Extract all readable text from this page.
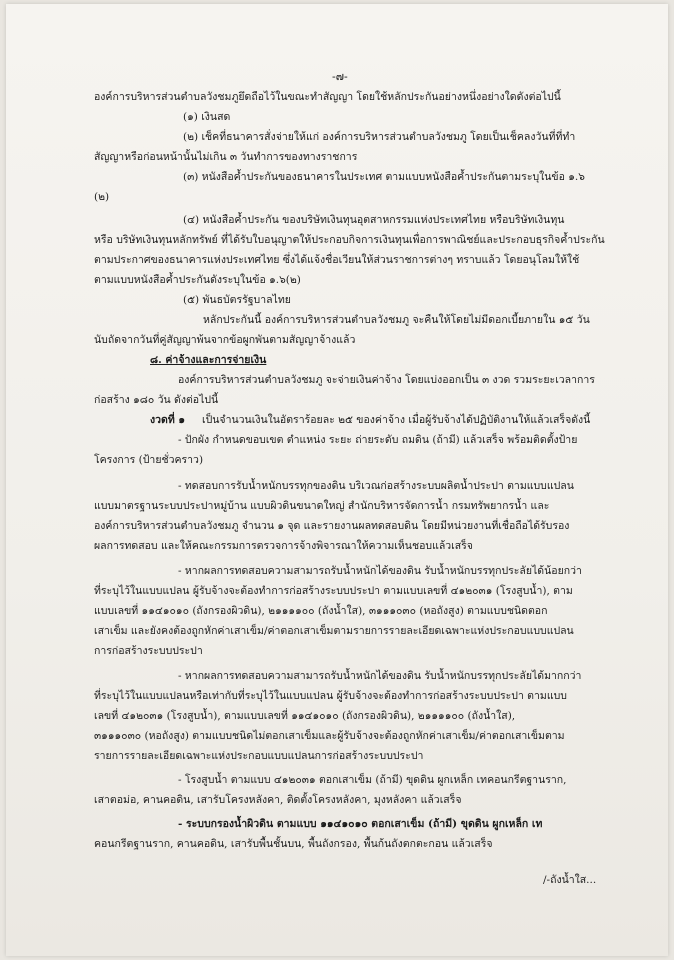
-๗-
องค์การบริหารส่วนตำบลวังชมภูยึดถือไว้ในขณะทำสัญญา โดยใช้หลักประกันอย่างหนึ่งอย่างใดดังต่อไปนี้
(๑) เงินสด
(๒) เช็คที่ธนาคารสั่งจ่ายให้แก่ องค์การบริหารส่วนตำบลวังชมภู โดยเป็นเช็คลงวันที่ที่ทำ
สัญญาหรือก่อนหน้านั้นไม่เกิน ๓ วันทำการของทางราชการ
(๓) หนังสือค้ำประกันของธนาคารในประเทศ ตามแบบหนังสือค้ำประกันตามระบุในข้อ ๑.๖
(๒)
(๔) หนังสือค้ำประกัน ของบริษัทเงินทุนอุตสาหกรรมแห่งประเทศไทย หรือบริษัทเงินทุน
หรือ บริษัทเงินทุนหลักทรัพย์ ที่ได้รับใบอนุญาตให้ประกอบกิจการเงินทุนเพื่อการพาณิชย์และประกอบธุรกิจค้ำประกัน
ตามประกาศของธนาคารแห่งประเทศไทย ซึ่งได้แจ้งชื่อเวียนให้ส่วนราชการต่างๆ ทราบแล้ว โดยอนุโลมให้ใช้
ตามแบบหนังสือค้ำประกันดังระบุในข้อ ๑.๖(๒)
(๕) พันธบัตรรัฐบาลไทย
หลักประกันนี้ องค์การบริหารส่วนตำบลวังชมภู จะคืนให้โดยไม่มีดอกเบี้ยภายใน ๑๕ วัน
นับถัดจากวันที่คู่สัญญาพ้นจากข้อผูกพันตามสัญญาจ้างแล้ว
๘. ค่าจ้างและการจ่ายเงิน
องค์การบริหารส่วนตำบลวังชมภู จะจ่ายเงินค่าจ้าง โดยแบ่งออกเป็น ๓ งวด รวมระยะเวลาการ
ก่อสร้าง ๑๘๐ วัน ดังต่อไปนี้
งวดที่ ๑ เป็นจำนวนเงินในอัตราร้อยละ ๒๕ ของค่าจ้าง เมื่อผู้รับจ้างได้ปฏิบัติงานให้แล้วเสร็จดังนี้
- ปักผัง กำหนดขอบเขต ตำแหน่ง ระยะ ถ่ายระดับ ถมดิน (ถ้ามี) แล้วเสร็จ พร้อมติดตั้งป้าย
โครงการ (ป้ายชั่วคราว)
- ทดสอบการรับน้ำหนักบรรทุกของดิน บริเวณก่อสร้างระบบผลิตน้ำประปา ตามแบบแปลน
แบบมาตรฐานระบบประปาหมู่บ้าน แบบผิวดินขนาดใหญ่ สำนักบริหารจัดการน้ำ กรมทรัพยากรน้ำ และ
องค์การบริหารส่วนตำบลวังชมภู จำนวน ๑ จุด และรายงานผลทดสอบดิน โดยมีหน่วยงานที่เชื่อถือได้รับรอง
ผลการทดสอบ และให้คณะกรรมการตรวจการจ้างพิจารณาให้ความเห็นชอบแล้วเสร็จ
- หากผลการทดสอบความสามารถรับน้ำหนักได้ของดิน รับน้ำหนักบรรทุกประลัยได้น้อยกว่า
ที่ระบุไว้ในแบบแปลน ผู้รับจ้างจะต้องทำการก่อสร้างระบบประปา ตามแบบเลขที่ ๔๑๒๐๓๑ (โรงสูบน้ำ), ตาม
แบบเลขที่ ๑๑๔๑๐๑๐ (ถังกรองผิวดิน), ๒๑๑๑๑๐๐ (ถังน้ำใส), ๓๑๑๑๐๓๐ (หอถังสูง) ตามแบบชนิดตอก
เสาเข็ม และยังคงต้องถูกหักค่าเสาเข็ม/ค่าตอกเสาเข็มตามรายการรายละเอียดเฉพาะแห่งประกอบแบบแปลน
การก่อสร้างระบบประปา
- หากผลการทดสอบความสามารถรับน้ำหนักได้ของดิน รับน้ำหนักบรรทุกประลัยได้มากกว่า
ที่ระบุไว้ในแบบแปลนหรือเท่ากับที่ระบุไว้ในแบบแปลน ผู้รับจ้างจะต้องทำการก่อสร้างระบบประปา ตามแบบ
เลขที่ ๔๑๒๐๓๑ (โรงสูบน้ำ), ตามแบบเลขที่ ๑๑๔๑๐๑๐ (ถังกรองผิวดิน), ๒๑๑๑๑๐๐ (ถังน้ำใส),
๓๑๑๑๐๓๐ (หอถังสูง) ตามแบบชนิดไม่ตอกเสาเข็มและผู้รับจ้างจะต้องถูกหักค่าเสาเข็ม/ค่าตอกเสาเข็มตาม
รายการรายละเอียดเฉพาะแห่งประกอบแบบแปลนการก่อสร้างระบบประปา
- โรงสูบน้ำ ตามแบบ ๔๑๒๐๓๑ ตอกเสาเข็ม (ถ้ามี) ขุดดิน ผูกเหล็ก เทคอนกรีตฐานราก,
เสาตอม่อ, คานคอดิน, เสารับโครงหลังคา, ติดตั้งโครงหลังคา, มุงหลังคา แล้วเสร็จ
- ระบบกรองน้ำผิวดิน ตามแบบ ๑๑๔๑๐๑๐ ตอกเสาเข็ม (ถ้ามี) ขุดดิน ผูกเหล็ก เท
คอนกรีตฐานราก, คานคอดิน, เสารับพื้นชั้นบน, พื้นถังกรอง, พื้นก้นถังตกตะกอน แล้วเสร็จ
/-ถังน้ำใส...
